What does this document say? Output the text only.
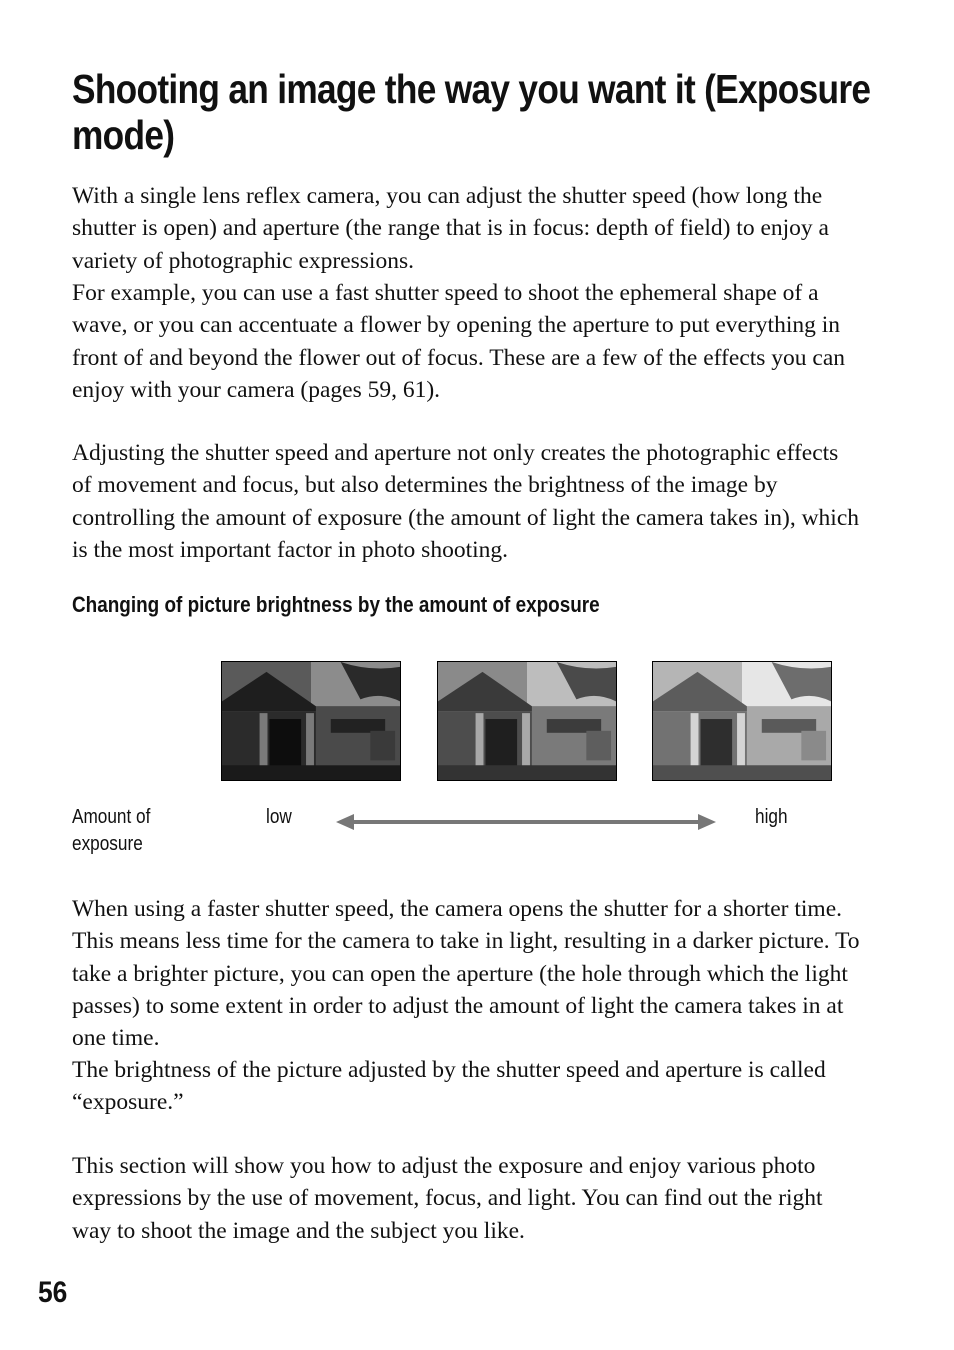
Shooting an image the way you want it (Exposure mode)

With a single lens reflex camera, you can adjust the shutter speed (how long the shutter is open) and aperture (the range that is in focus: depth of field) to enjoy a variety of photographic expressions.

For example, you can use a fast shutter speed to shoot the ephemeral shape of a wave, or you can accentuate a flower by opening the aperture to put everything in front of and beyond the flower out of focus. These are a few of the effects you can enjoy with your camera (pages 59, 61).

Adjusting the shutter speed and aperture not only creates the photographic effects of movement and focus, but also determines the brightness of the image by controlling the amount of exposure (the amount of light the camera takes in), which is the most important factor in photo shooting.

Changing of picture brightness by the amount of exposure
Amount of exposure
low	high

When using a faster shutter speed, the camera opens the shutter for a shorter time. This means less time for the camera to take in light, resulting in a darker picture. To take a brighter picture, you can open the aperture (the hole through which the light passes) to some extent in order to adjust the amount of light the camera takes in at one time.

The brightness of the picture adjusted by the shutter speed and aperture is called “exposure.”

This section will show you how to adjust the exposure and enjoy various photo expressions by the use of movement, focus, and light. You can find out the right way to shoot the image and the subject you like.

56
